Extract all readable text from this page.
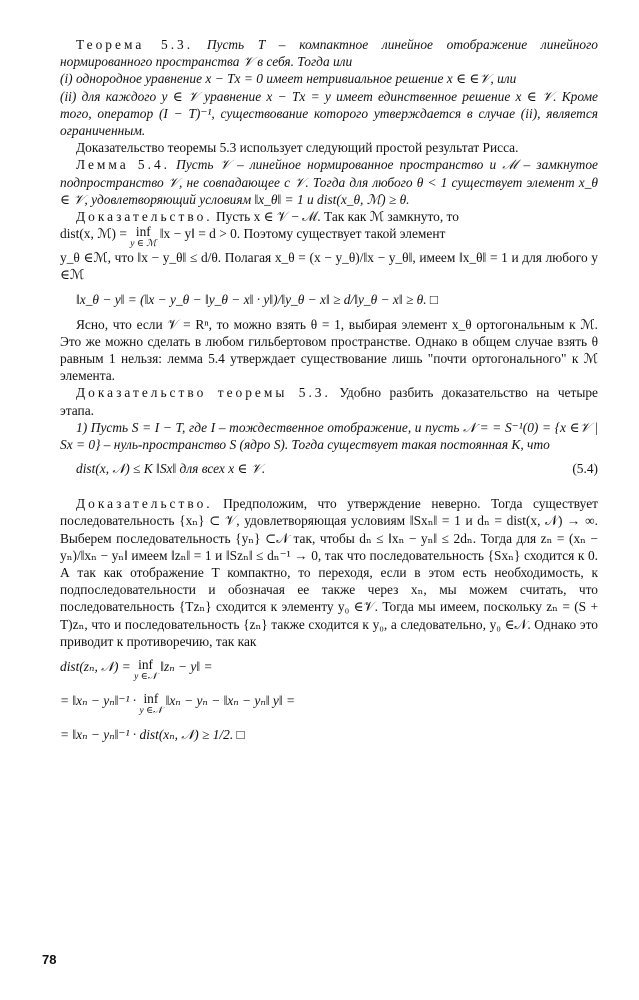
Теорема 5.3. Пусть T – компактное линейное отображение линейного нормированного пространства 𝒱 в себя. Тогда или

(i) однородное уравнение x − Tx = 0 имеет нетривиальное решение x ∈ ∈𝒱, или

(ii) для каждого y ∈ 𝒱 уравнение x − Tx = y имеет единственное решение x ∈ 𝒱. Кроме того, оператор (I − T)⁻¹, существование которого утверждается в случае (ii), является ограниченным.

Доказательство теоремы 5.3 использует следующий простой результат Рисса.

Лемма 5.4. Пусть 𝒱 – линейное нормированное пространство и ℳ – замкнутое подпространство 𝒱, не совпадающее с 𝒱. Тогда для любого θ < 1 существует элемент x_θ ∈ 𝒱, удовлетворяющий условиям ‖x_θ‖ = 1 и dist(x_θ, ℳ) ≥ θ.

Доказательство. Пусть x ∈ 𝒱 − ℳ. Так как ℳ замкнуто, то

dist(x, ℳ) = inf
y ∈ ℳ
‖x − y‖ = d > 0. Поэтому существует такой элемент

y_θ ∈ℳ, что ‖x − y_θ‖ ≤ d/θ. Полагая x_θ = (x − y_θ)/‖x − y_θ‖, имеем ‖x_θ‖ = 1 и для любого y ∈ℳ

‖x_θ − y‖ = (‖x − y_θ − ‖y_θ − x‖ · y‖)/‖y_θ − x‖ ≥ d/‖y_θ − x‖ ≥ θ. □

Ясно, что если 𝒱 = Rⁿ, то можно взять θ = 1, выбирая элемент x_θ ортогональным к ℳ. Это же можно сделать в любом гильбертовом пространстве. Однако в общем случае взять θ равным 1 нельзя: лемма 5.4 утверждает существование лишь "почти ортогонального" к ℳ элемента.

Доказательство теоремы 5.3. Удобно разбить доказательство на четыре этапа.

1) Пусть S = I − T, где I – тождественное отображение, и пусть 𝒩 = = S⁻¹(0) = {x ∈𝒱 | Sx = 0} – нуль-пространство S (ядро S). Тогда существует такая постоянная K, что

dist(x, 𝒩) ≤ K ‖Sx‖ для всех x ∈ 𝒱.	(5.4)

Доказательство. Предположим, что утверждение неверно. Тогда существует последовательность {xₙ} ⊂ 𝒱, удовлетворяющая условиям ‖Sxₙ‖ = 1 и dₙ = dist(x, 𝒩) → ∞. Выберем последовательность {yₙ} ⊂𝒩 так, чтобы dₙ ≤ ‖xₙ − yₙ‖ ≤ 2dₙ. Тогда для zₙ = (xₙ − yₙ)/‖xₙ − yₙ‖ имеем ‖zₙ‖ = 1 и ‖Szₙ‖ ≤ dₙ⁻¹ → 0, так что последовательность {Sxₙ} сходится к 0. А так как отображение T компактно, то переходя, если в этом есть необходимость, к подпоследовательности и обозначая ее также через xₙ, мы можем считать, что последовательность {Tzₙ} сходится к элементу y₀ ∈𝒱. Тогда мы имеем, поскольку zₙ = (S + T)zₙ, что и последовательность {zₙ} также сходится к y₀, а следовательно, y₀ ∈𝒩. Однако это приводит к противоречию, так как

dist(zₙ, 𝒩) = inf
y ∈𝒩
‖zₙ − y‖ =
= ‖xₙ − yₙ‖⁻¹ · inf
y ∈𝒩
‖xₙ − yₙ − ‖xₙ − yₙ‖ y‖ =
= ‖xₙ − yₙ‖⁻¹ · dist(xₙ, 𝒩) ≥ 1/2. □
78
